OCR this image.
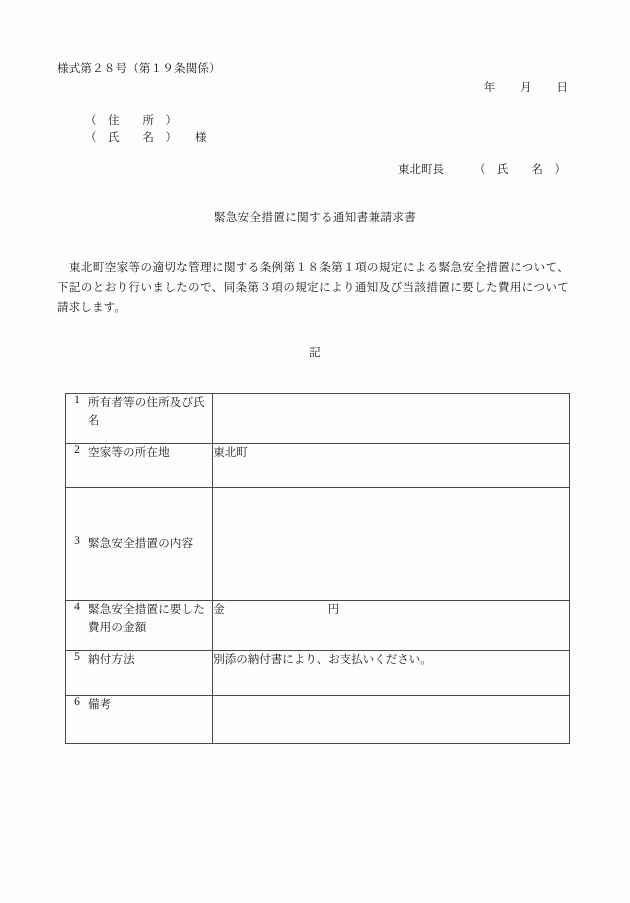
様式第２８号（第１９条関係）
年 月 日
（　住　　所　）
（　氏　　名　） 様
東北町長	（　氏　　名　）
緊急安全措置に関する通知書兼請求書
東北町空家等の適切な管理に関する条例第１８条第１項の規定による緊急安全措置について、下記のとおり行いましたので、同条第３項の規定により通知及び当該措置に要した費用について請求します。
記
1 所有者等の住所及び氏名	

2 空家等の所在地	東北町

3 緊急安全措置の内容	

4 緊急安全措置に要した費用の金額	金 円

5 納付方法	別添の納付書により、お支払いください。

6 備考	
